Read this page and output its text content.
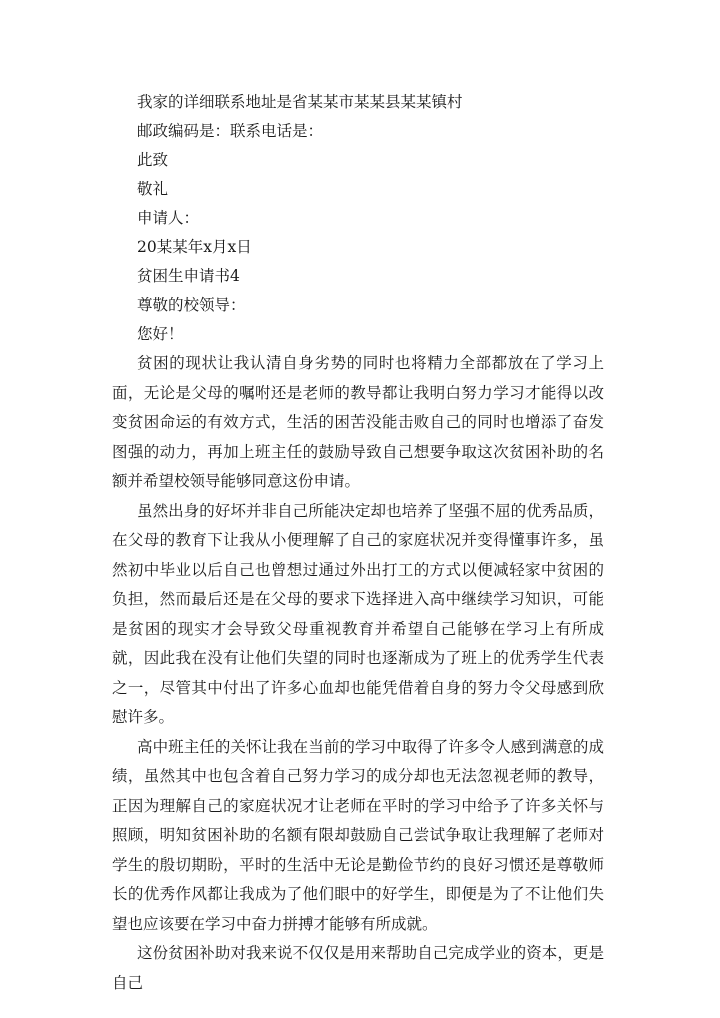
我家的详细联系地址是省某某市某某县某某镇村
邮政编码是：联系电话是：
此致
敬礼
申请人：
20某某年x月x日
贫困生申请书4
尊敬的校领导：
您好！

贫困的现状让我认清自身劣势的同时也将精力全部都放在了学习上面，无论是父母的嘱咐还是老师的教导都让我明白努力学习才能得以改变贫困命运的有效方式，生活的困苦没能击败自己的同时也增添了奋发图强的动力，再加上班主任的鼓励导致自己想要争取这次贫困补助的名额并希望校领导能够同意这份申请。

虽然出身的好坏并非自己所能决定却也培养了坚强不屈的优秀品质，在父母的教育下让我从小便理解了自己的家庭状况并变得懂事许多，虽然初中毕业以后自己也曾想过通过外出打工的方式以便减轻家中贫困的负担，然而最后还是在父母的要求下选择进入高中继续学习知识，可能是贫困的现实才会导致父母重视教育并希望自己能够在学习上有所成就，因此我在没有让他们失望的同时也逐渐成为了班上的优秀学生代表之一，尽管其中付出了许多心血却也能凭借着自身的努力令父母感到欣慰许多。

高中班主任的关怀让我在当前的学习中取得了许多令人感到满意的成绩，虽然其中也包含着自己努力学习的成分却也无法忽视老师的教导，正因为理解自己的家庭状况才让老师在平时的学习中给予了许多关怀与照顾，明知贫困补助的名额有限却鼓励自己尝试争取让我理解了老师对学生的殷切期盼，平时的生活中无论是勤俭节约的良好习惯还是尊敬师长的优秀作风都让我成为了他们眼中的好学生，即便是为了不让他们失望也应该要在学习中奋力拼搏才能够有所成就。

这份贫困补助对我来说不仅仅是用来帮助自己完成学业的资本，更是自己
